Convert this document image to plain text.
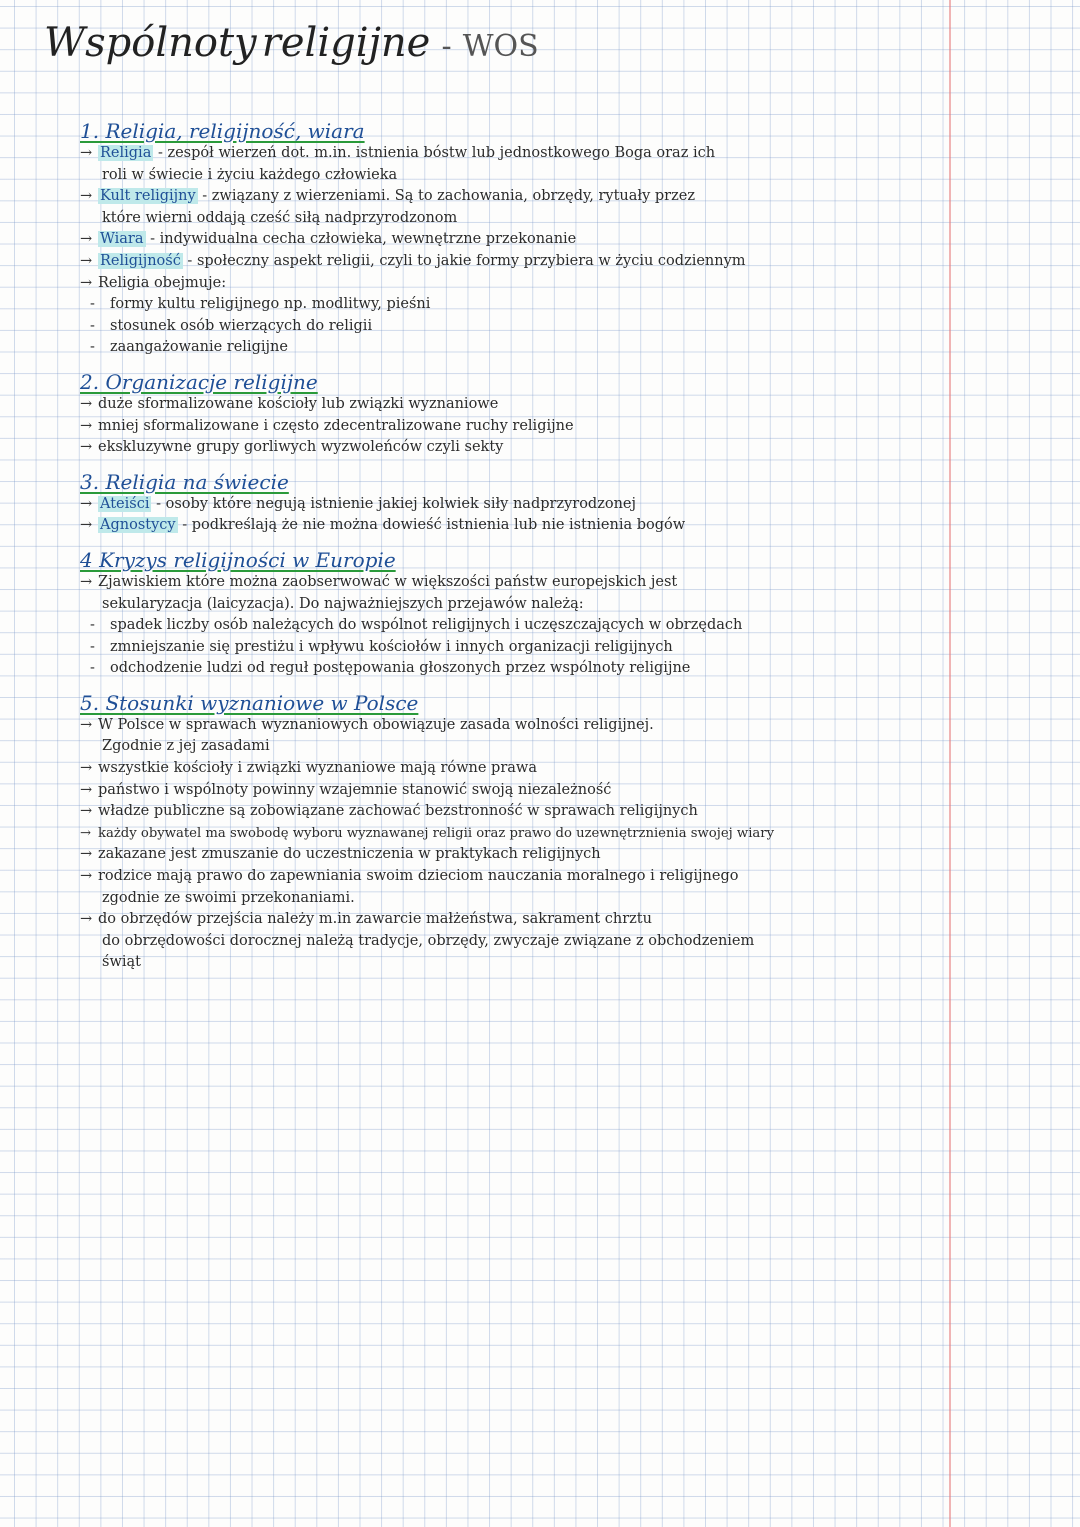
Wspólnoty religijne - WOS
1. Religia, religijność, wiara
→ Religia - zespół wierzeń dot. m.in. istnienia bóstw lub jednostkowego Boga oraz ich
roli w świecie i życiu każdego człowieka
→ Kult religijny - związany z wierzeniami. Są to zachowania, obrzędy, rytuały przez
które wierni oddają cześć siłą nadprzyrodzonom
→ Wiara - indywidualna cecha człowieka, wewnętrzne przekonanie
→ Religijność - społeczny aspekt religii, czyli to jakie formy przybiera w życiu codziennym
→ Religia obejmuje:
- formy kultu religijnego np. modlitwy, pieśni
- stosunek osób wierzących do religii
- zaangażowanie religijne
2. Organizacje religijne
→ duże sformalizowane kościoły lub związki wyznaniowe
→ mniej sformalizowane i często zdecentralizowane ruchy religijne
→ ekskluzywne grupy gorliwych wyzwoleńców czyli sekty
3. Religia na świecie
→ Ateiści - osoby które negują istnienie jakiej kolwiek siły nadprzyrodzonej
→ Agnostycy - podkreślają że nie można dowieść istnienia lub nie istnienia bogów
4 Kryzys religijności w Europie
→ Zjawiskiem które można zaobserwować w większości państw europejskich jest
sekularyzacja (laicyzacja). Do najważniejszych przejawów należą:
- spadek liczby osób należących do wspólnot religijnych i uczęszczających w obrzędach
- zmniejszanie się prestiżu i wpływu kościołów i innych organizacji religijnych
- odchodzenie ludzi od reguł postępowania głoszonych przez wspólnoty religijne
5. Stosunki wyznaniowe w Polsce
→ W Polsce w sprawach wyznaniowych obowiązuje zasada wolności religijnej.
Zgodnie z jej zasadami
→ wszystkie kościoły i związki wyznaniowe mają równe prawa
→ państwo i wspólnoty powinny wzajemnie stanowić swoją niezależność
→ władze publiczne są zobowiązane zachować bezstronność w sprawach religijnych
→ każdy obywatel ma swobodę wyboru wyznawanej religii oraz prawo do uzewnętrznienia swojej wiary
→ zakazane jest zmuszanie do uczestniczenia w praktykach religijnych
→ rodzice mają prawo do zapewniania swoim dzieciom nauczania moralnego i religijnego
zgodnie ze swoimi przekonaniami.
→ do obrzędów przejścia należy m.in zawarcie małżeństwa, sakrament chrztu
do obrzędowości dorocznej należą tradycje, obrzędy, zwyczaje związane z obchodzeniem
świąt
